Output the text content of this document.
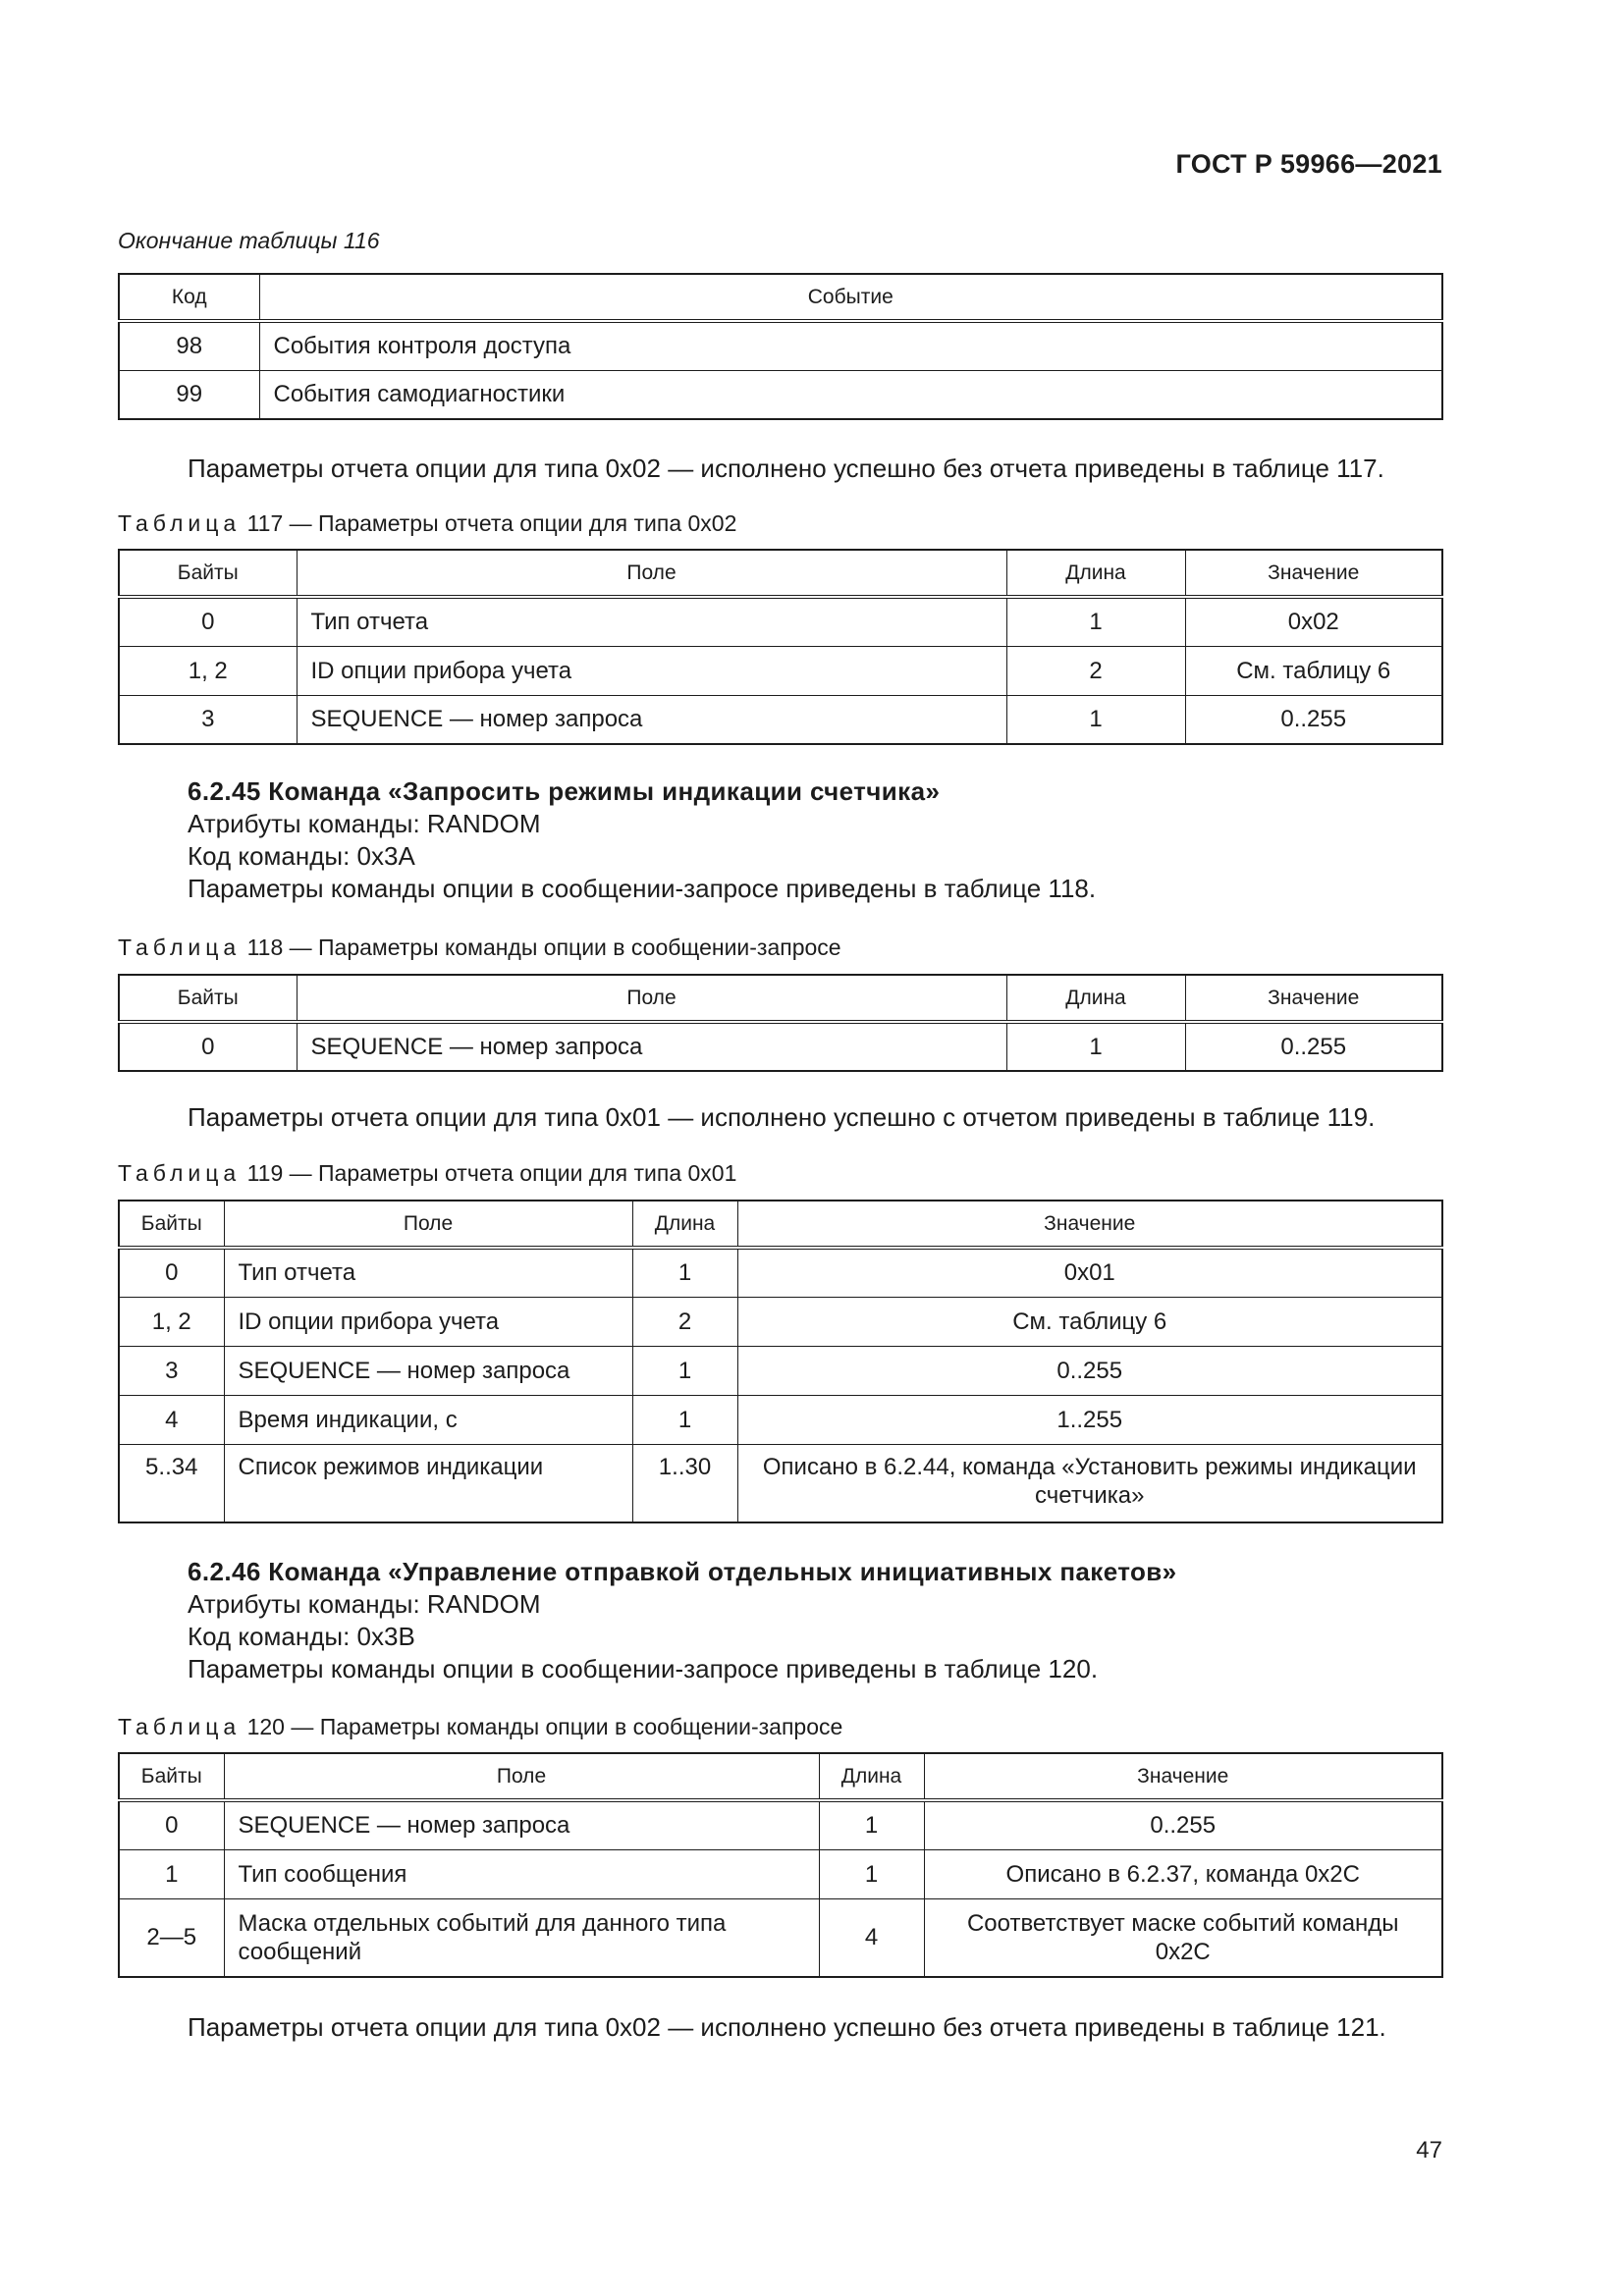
ГОСТ Р 59966—2021
Окончание таблицы 116
Код	Событие
98	События контроля доступа
99	События самодиагностики
Параметры отчета опции для типа 0x02 — исполнено успешно без отчета приведены в таблице 117.
Таблица 117 — Параметры отчета опции для типа 0x02
Байты	Поле	Длина	Значение
0	Тип отчета	1	0x02
1, 2	ID опции прибора учета	2	См. таблицу 6
3	SEQUENCE — номер запроса	1	0..255
6.2.45 Команда «Запросить режимы индикации счетчика»
Атрибуты команды: RANDOM
Код команды: 0x3A
Параметры команды опции в сообщении-запросе приведены в таблице 118.
Таблица 118 — Параметры команды опции в сообщении-запросе
Байты	Поле	Длина	Значение
0	SEQUENCE — номер запроса	1	0..255
Параметры отчета опции для типа 0x01 — исполнено успешно с отчетом приведены в таблице 119.
Таблица 119 — Параметры отчета опции для типа 0x01
Байты	Поле	Длина	Значение
0	Тип отчета	1	0x01
1, 2	ID опции прибора учета	2	См. таблицу 6
3	SEQUENCE — номер запроса	1	0..255
4	Время индикации, с	1	1..255
5..34	Список режимов индикации	1..30	Описано в 6.2.44, команда «Установить режимы индикации счетчика»
6.2.46 Команда «Управление отправкой отдельных инициативных пакетов»
Атрибуты команды: RANDOM
Код команды: 0x3B
Параметры команды опции в сообщении-запросе приведены в таблице 120.
Таблица 120 — Параметры команды опции в сообщении-запросе
Байты	Поле	Длина	Значение
0	SEQUENCE — номер запроса	1	0..255
1	Тип сообщения	1	Описано в 6.2.37, команда 0x2C
2—5	Маска отдельных событий для данного типа сообщений	4	Соответствует маске событий команды 0x2C
Параметры отчета опции для типа 0x02 — исполнено успешно без отчета приведены в таблице 121.
47
